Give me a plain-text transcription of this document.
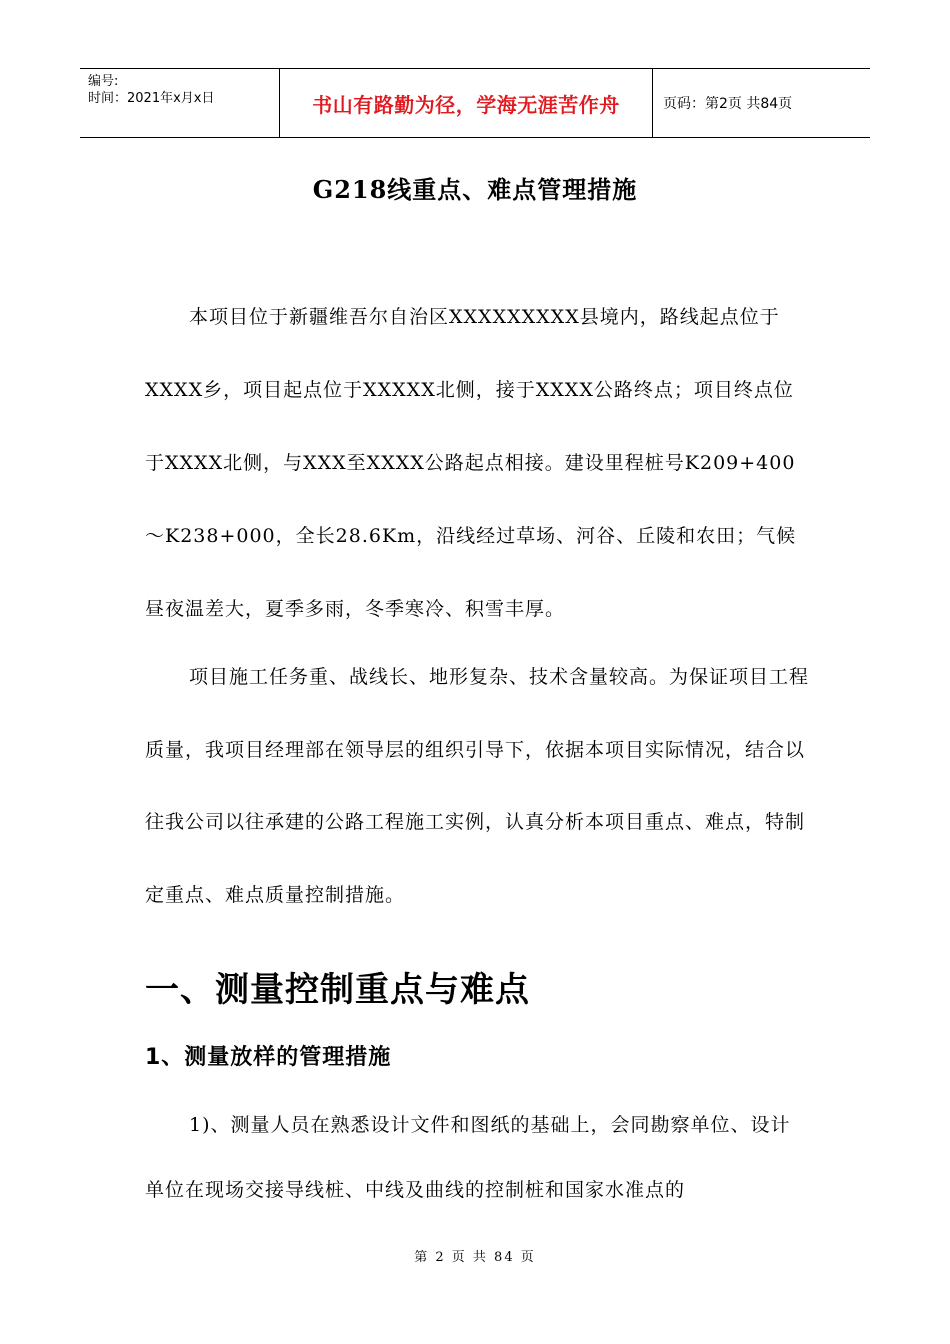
编号:
时间：2021年x月x日	书山有路勤为径，学海无涯苦作舟	页码：第2页 共84页
G218线重点、难点管理措施

本项目位于新疆维吾尔自治区XXXXXXXXX县境内，路线起点位于XXXX乡，项目起点位于XXXXX北侧，接于XXXX公路终点；项目终点位于XXXX北侧，与XXX至XXXX公路起点相接。建设里程桩号K209+400～K238+000，全长28.6Km，沿线经过草场、河谷、丘陵和农田；气候昼夜温差大，夏季多雨，冬季寒冷、积雪丰厚。

项目施工任务重、战线长、地形复杂、技术含量较高。为保证项目工程质量，我项目经理部在领导层的组织引导下，依据本项目实际情况，结合以往我公司以往承建的公路工程施工实例，认真分析本项目重点、难点，特制定重点、难点质量控制措施。

一、测量控制重点与难点
1、测量放样的管理措施

1)、测量人员在熟悉设计文件和图纸的基础上，会同勘察单位、设计单位在现场交接导线桩、中线及曲线的控制桩和国家水准点的

第 2 页 共 84 页
